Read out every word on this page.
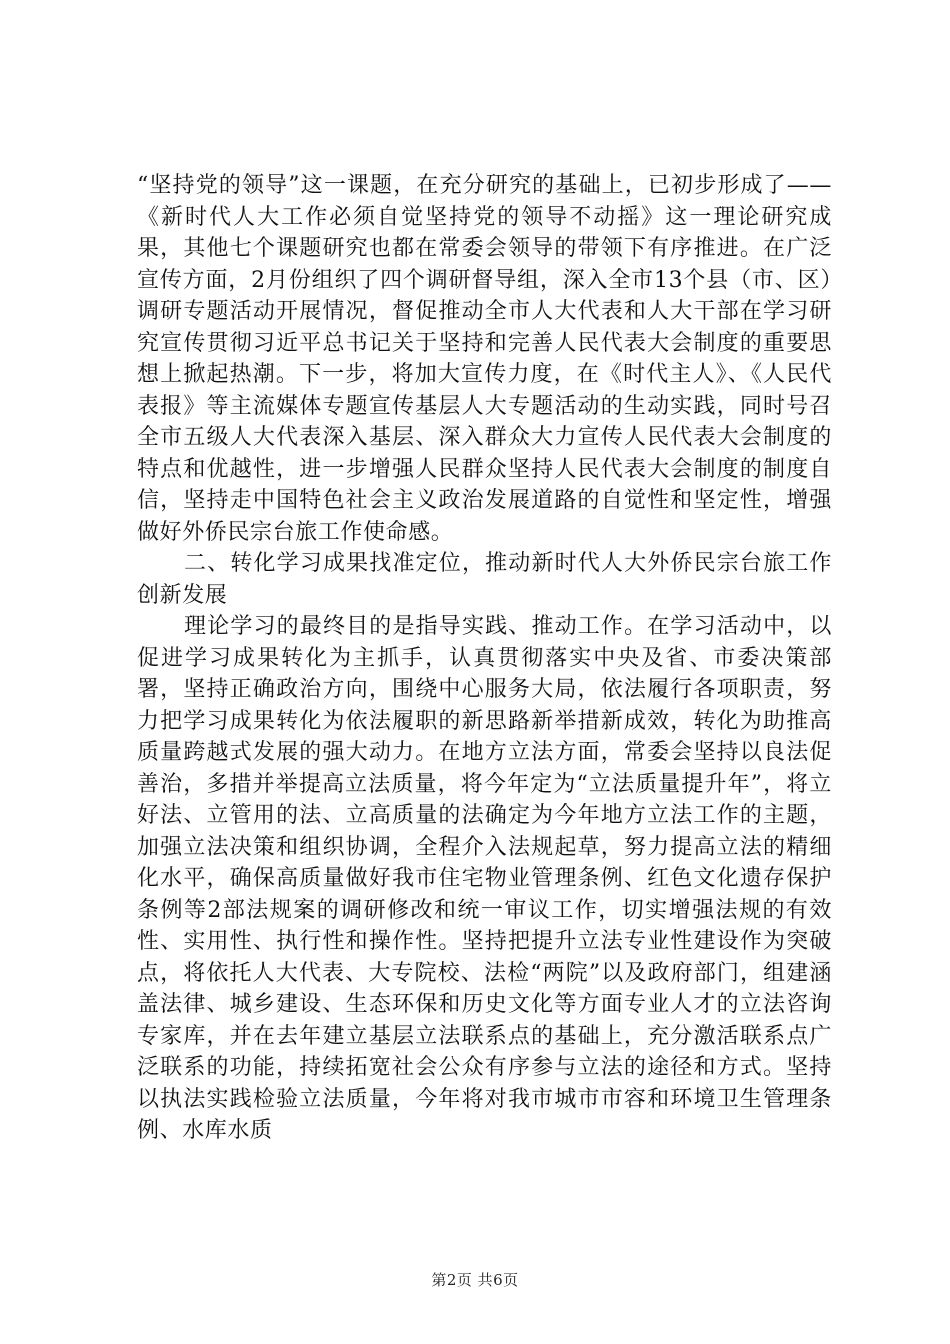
“坚持党的领导”这一课题，在充分研究的基础上，已初步形成了——《新时代人大工作必须自觉坚持党的领导不动摇》这一理论研究成果，其他七个课题研究也都在常委会领导的带领下有序推进。在广泛宣传方面，2月份组织了四个调研督导组，深入全市13个县（市、区）调研专题活动开展情况，督促推动全市人大代表和人大干部在学习研究宣传贯彻习近平总书记关于坚持和完善人民代表大会制度的重要思想上掀起热潮。下一步，将加大宣传力度，在《时代主人》、《人民代表报》等主流媒体专题宣传基层人大专题活动的生动实践，同时号召全市五级人大代表深入基层、深入群众大力宣传人民代表大会制度的特点和优越性，进一步增强人民群众坚持人民代表大会制度的制度自信，坚持走中国特色社会主义政治发展道路的自觉性和坚定性，增强做好外侨民宗台旅工作使命感。

二、转化学习成果找准定位，推动新时代人大外侨民宗台旅工作创新发展

理论学习的最终目的是指导实践、推动工作。在学习活动中，以促进学习成果转化为主抓手，认真贯彻落实中央及省、市委决策部署，坚持正确政治方向，围绕中心服务大局，依法履行各项职责，努力把学习成果转化为依法履职的新思路新举措新成效，转化为助推高质量跨越式发展的强大动力。在地方立法方面，常委会坚持以良法促善治，多措并举提高立法质量，将今年定为“立法质量提升年”，将立好法、立管用的法、立高质量的法确定为今年地方立法工作的主题，加强立法决策和组织协调，全程介入法规起草，努力提高立法的精细化水平，确保高质量做好我市住宅物业管理条例、红色文化遗存保护条例等2部法规案的调研修改和统一审议工作，切实增强法规的有效性、实用性、执行性和操作性。坚持把提升立法专业性建设作为突破点，将依托人大代表、大专院校、法检“两院”以及政府部门，组建涵盖法律、城乡建设、生态环保和历史文化等方面专业人才的立法咨询专家库，并在去年建立基层立法联系点的基础上，充分激活联系点广泛联系的功能，持续拓宽社会公众有序参与立法的途径和方式。坚持以执法实践检验立法质量，今年将对我市城市市容和环境卫生管理条例、水库水质

第2页 共6页
